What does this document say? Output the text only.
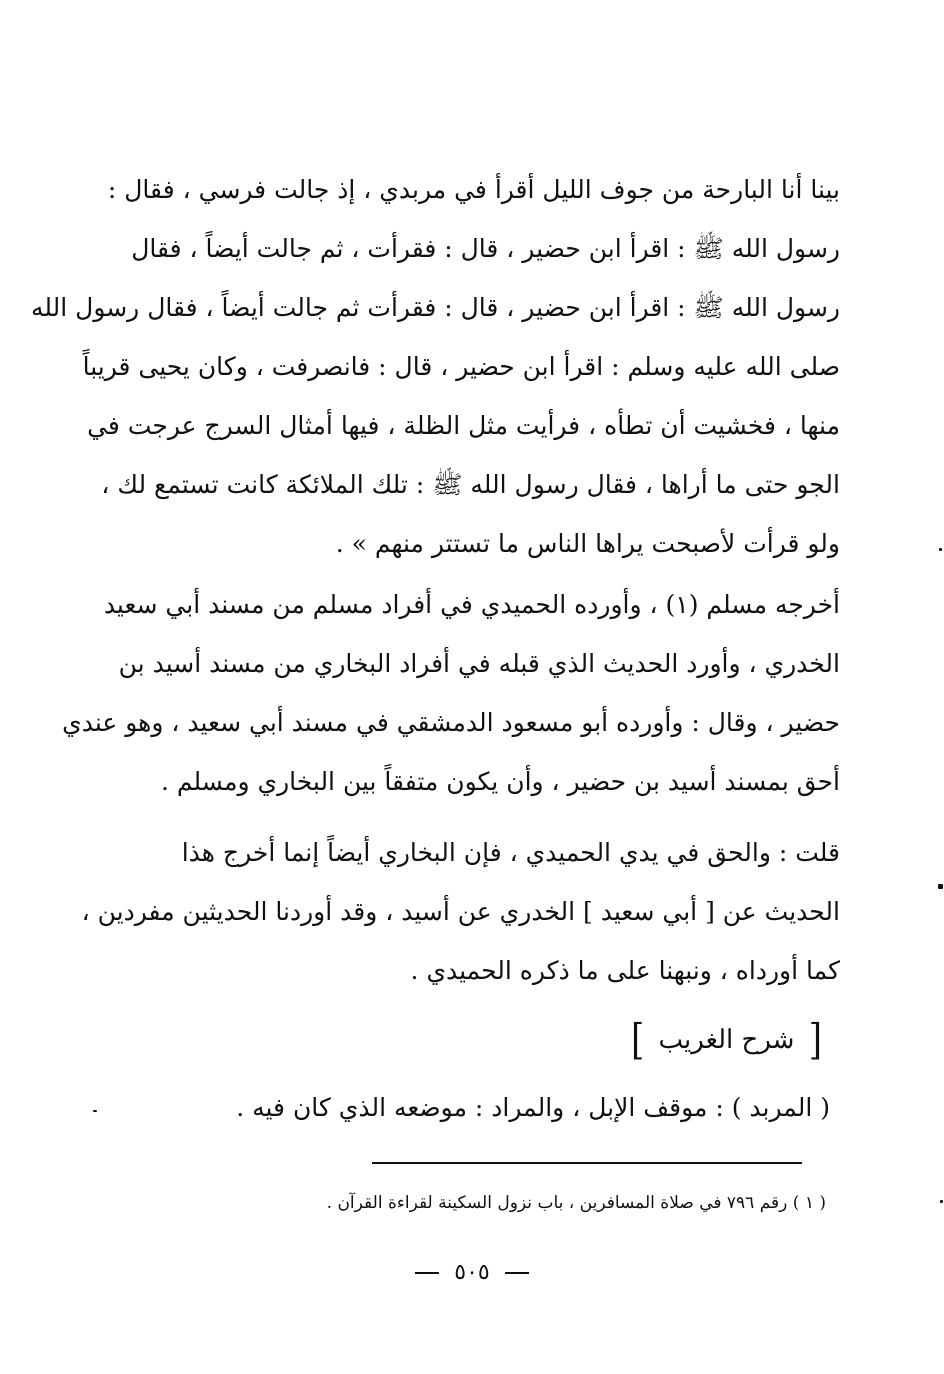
بينا أنا البارحة من جوف الليل أقرأ في مربدي ، إذ جالت فرسي ، فقال :
رسول الله ﷺ : اقرأ ابن حضير ، قال : فقرأت ، ثم جالت أيضاً ، فقال
رسول الله ﷺ : اقرأ ابن حضير ، قال : فقرأت ثم جالت أيضاً ، فقال رسول الله
صلى الله عليه وسلم : اقرأ ابن حضير ، قال : فانصرفت ، وكان يحيى قريباً
منها ، فخشيت أن تطأه ، فرأيت مثل الظلة ، فيها أمثال السرج عرجت في
الجو حتى ما أراها ، فقال رسول الله ﷺ : تلك الملائكة كانت تستمع لك ،
ولو قرأت لأصبحت يراها الناس ما تستتر منهم » .
أخرجه مسلم (١) ، وأورده الحميدي في أفراد مسلم من مسند أبي سعيد
الخدري ، وأورد الحديث الذي قبله في أفراد البخاري من مسند أسيد بن
حضير ، وقال : وأورده أبو مسعود الدمشقي في مسند أبي سعيد ، وهو عندي
أحق بمسند أسيد بن حضير ، وأن يكون متفقاً بين البخاري ومسلم .
قلت : والحق في يدي الحميدي ، فإن البخاري أيضاً إنما أخرج هذا
الحديث عن [ أبي سعيد ] الخدري عن أسيد ، وقد أوردنا الحديثين مفردين ،
كما أورداه ، ونبهنا على ما ذكره الحميدي .
[ شرح الغريب ]
( المربد ) : موقف الإبل ، والمراد : موضعه الذي كان فيه .
( ١ ) رقم ٧٩٦ في صلاة المسافرين ، باب نزول السكينة لقراءة القرآن .
٥٠٥
